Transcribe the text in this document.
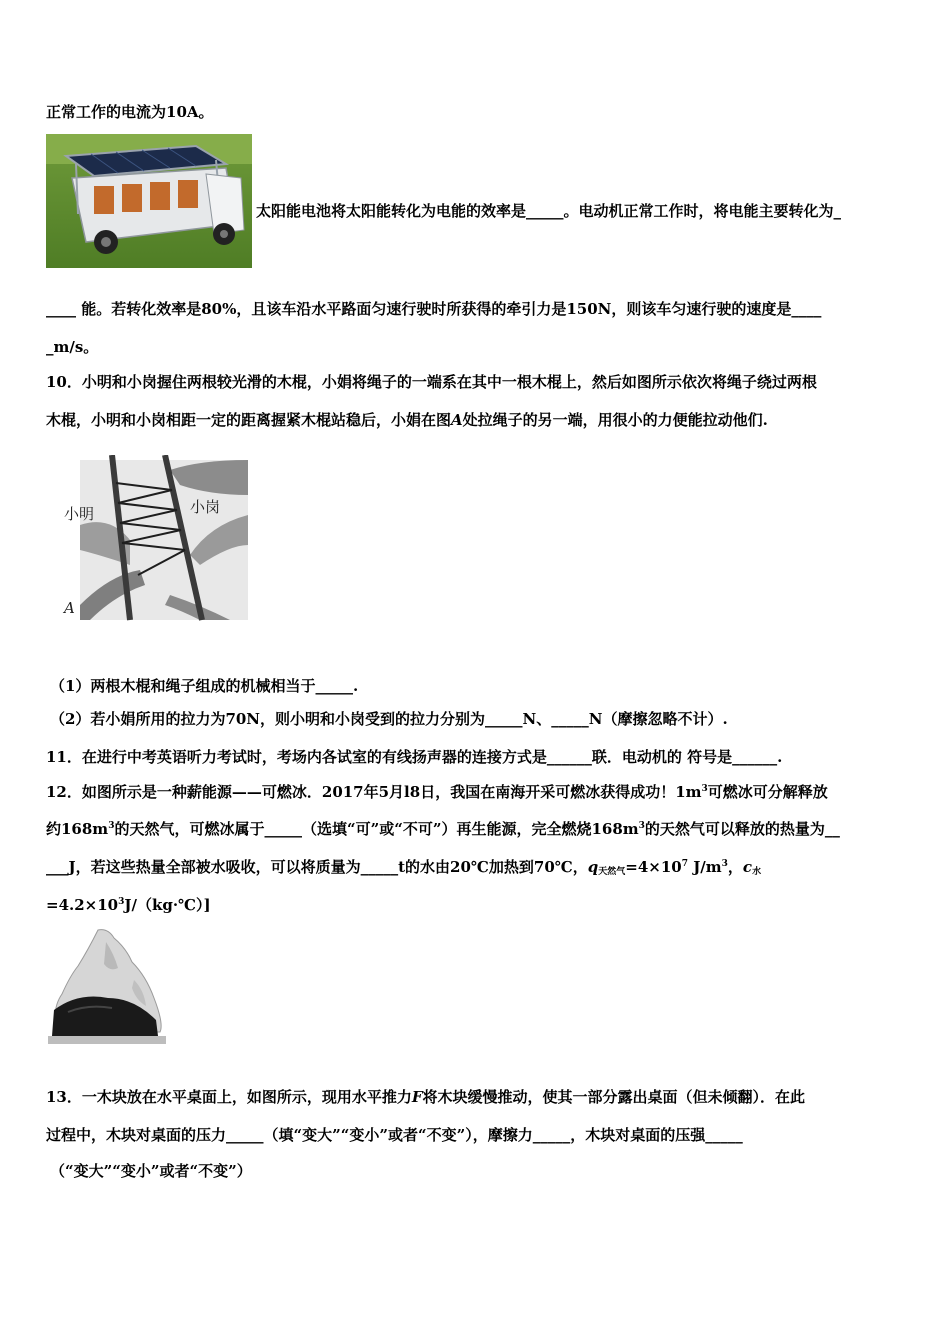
正常工作的电流为10A。
太阳能电池将太阳能转化为电能的效率是_____。电动机正常工作时，将电能主要转化为_
____ 能。若转化效率是80%，且该车沿水平路面匀速行驶时所获得的牵引力是150N，则该车匀速行驶的速度是____
_m/s。
10．小明和小岗握住两根较光滑的木棍，小娟将绳子的一端系在其中一根木棍上，然后如图所示依次将绳子绕过两根
木棍，小明和小岗相距一定的距离握紧木棍站稳后，小娟在图A处拉绳子的另一端，用很小的力便能拉动他们.
小明	小岗
A
（1）两根木棍和绳子组成的机械相当于_____.
（2）若小娟所用的拉力为70N，则小明和小岗受到的拉力分别为_____N、_____N（摩擦忽略不计）.
11．在进行中考英语听力考试时，考场内各试室的有线扬声器的连接方式是______联．电动机的 符号是______.
12．如图所示是一种薪能源——可燃冰．2017年5月l8日，我国在南海开采可燃冰获得成功！$1m^3$可燃冰可分解释放
约$168m^3$的天然气，可燃冰属于_____（选填“可”或“不可”）再生能源，完全燃烧$168m^3$的天然气可以释放的热量为__
___J，若这些热量全部被水吸收，可以将质量为_____t的水由20℃加热到70℃，$q_{天然气}=4\times 10^7$ $J/m^3$，$c_水$
$=4.2\times 10^3J/(kg\cdot℃)$]
13．一木块放在水平桌面上，如图所示，现用水平推力F将木块缓慢推动，使其一部分露出桌面（但未倾翻）．在此
过程中，木块对桌面的压力_____（填“变大”“变小”或者“不变”），摩擦力_____，木块对桌面的压强_____
（“变大”“变小”或者“不变”）
